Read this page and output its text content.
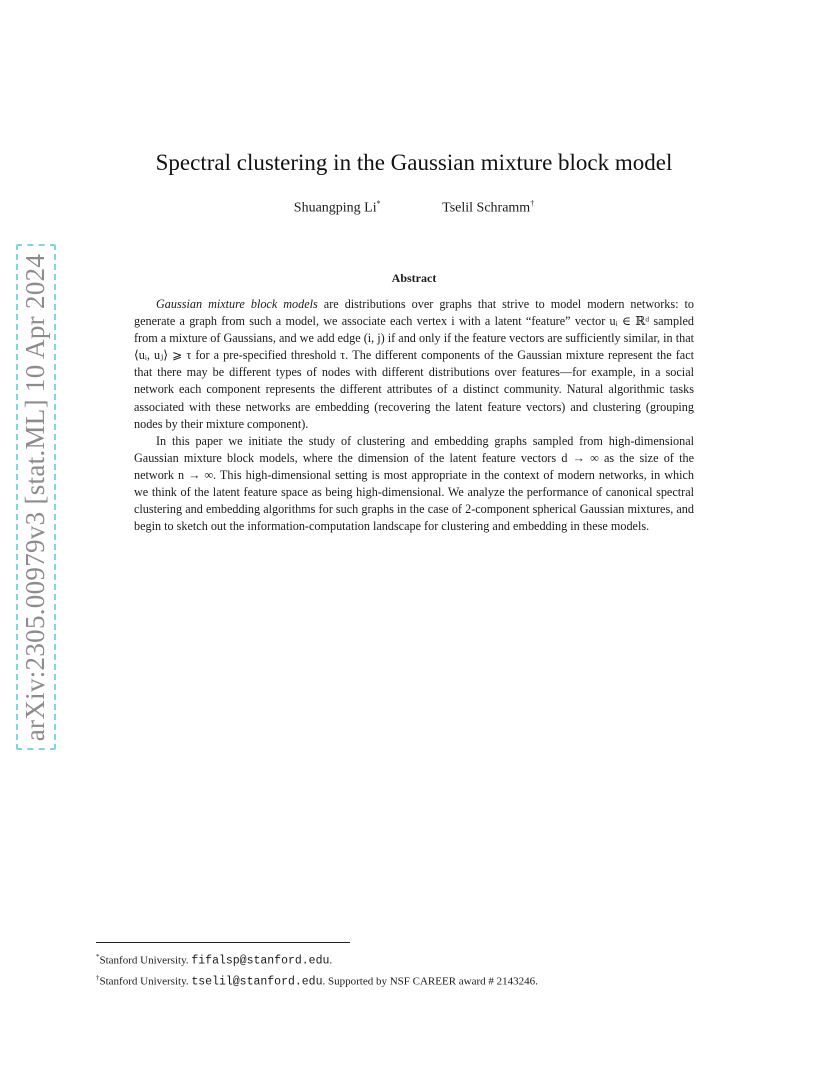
arXiv:2305.00979v3 [stat.ML] 10 Apr 2024
Spectral clustering in the Gaussian mixture block model
Shuangping Li*	Tselil Schramm†
Abstract

Gaussian mixture block models are distributions over graphs that strive to model modern networks: to generate a graph from such a model, we associate each vertex i with a latent “feature” vector uᵢ ∈ ℝᵈ sampled from a mixture of Gaussians, and we add edge (i, j) if and only if the feature vectors are sufficiently similar, in that ⟨uᵢ, uⱼ⟩ ⩾ τ for a pre-specified threshold τ. The different components of the Gaussian mixture represent the fact that there may be different types of nodes with different distributions over features—for example, in a social network each component represents the different attributes of a distinct community. Natural algorithmic tasks associated with these networks are embedding (recovering the latent feature vectors) and clustering (grouping nodes by their mixture component).

In this paper we initiate the study of clustering and embedding graphs sampled from high-dimensional Gaussian mixture block models, where the dimension of the latent feature vectors d → ∞ as the size of the network n → ∞. This high-dimensional setting is most appropriate in the context of modern networks, in which we think of the latent feature space as being high-dimensional. We analyze the performance of canonical spectral clustering and embedding algorithms for such graphs in the case of 2-component spherical Gaussian mixtures, and begin to sketch out the information-computation landscape for clustering and embedding in these models.

*Stanford University. fifalsp@stanford.edu.
†Stanford University. tselil@stanford.edu. Supported by NSF CAREER award # 2143246.
